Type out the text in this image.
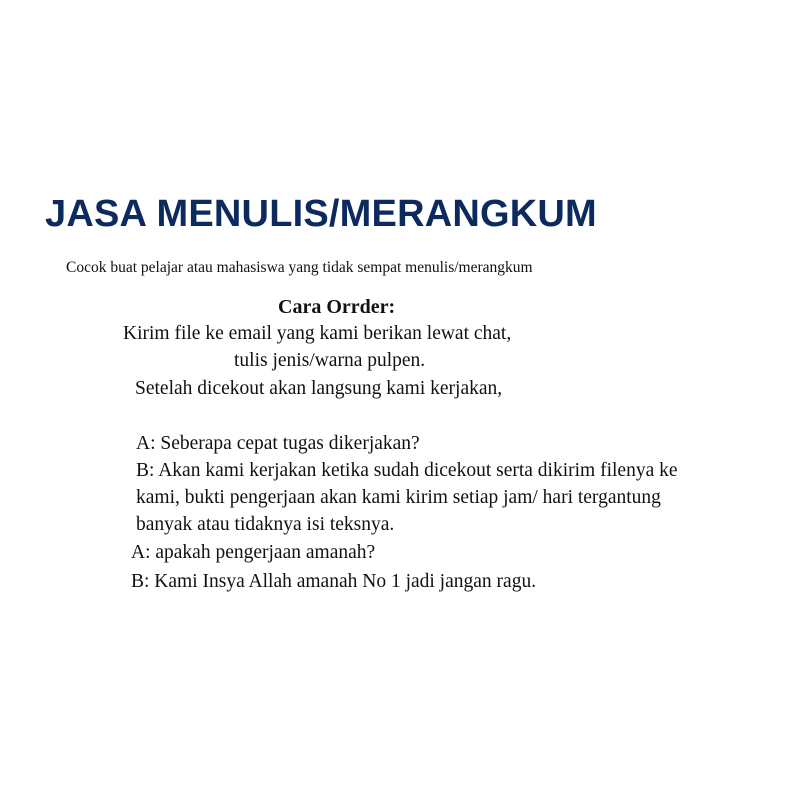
JASA MENULIS/MERANGKUM
Cocok buat pelajar atau mahasiswa yang tidak sempat menulis/merangkum
Cara Orrder:
Kirim file ke email yang kami berikan lewat chat,
tulis jenis/warna pulpen.
Setelah dicekout akan langsung kami kerjakan,
A: Seberapa cepat tugas dikerjakan?
B: Akan kami kerjakan ketika sudah dicekout serta dikirim filenya ke
kami, bukti pengerjaan akan kami kirim setiap jam/ hari tergantung
banyak atau tidaknya isi teksnya.
A: apakah pengerjaan amanah?
B: Kami Insya Allah amanah No 1 jadi jangan ragu.
